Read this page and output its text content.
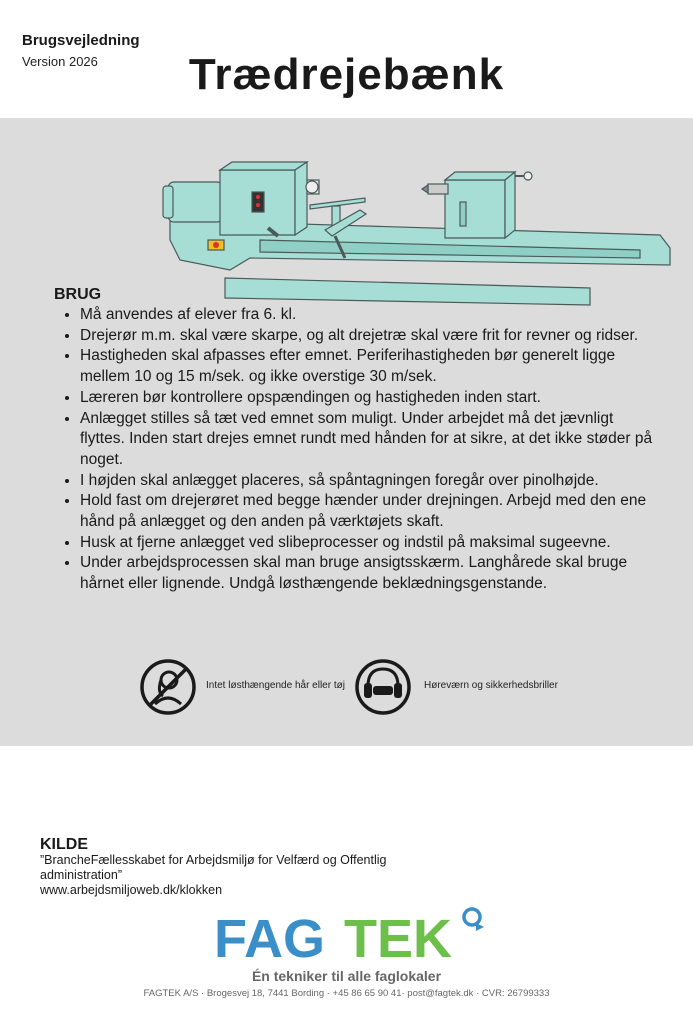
Brugsvejledning
Version 2026	Trædrejebænk
BRUG
• Må anvendes af elever fra 6. kl.
• Drejerør m.m. skal være skarpe, og alt drejetræ skal være frit for revner og ridser.
• Hastigheden skal afpasses efter emnet. Periferihastigheden bør generelt ligge mellem 10 og 15 m/sek. og ikke overstige 30 m/sek.
• Læreren bør kontrollere opspændingen og hastigheden inden start.
• Anlægget stilles så tæt ved emnet som muligt. Under arbejdet må det jævnligt flyttes. Inden start drejes emnet rundt med hånden for at sikre, at det ikke støder på noget.
• I højden skal anlægget placeres, så spåntagningen foregår over pinolhøjde.
• Hold fast om drejerøret med begge hænder under drejningen. Arbejd med den ene hånd på anlægget og den anden på værktøjets skaft.
• Husk at fjerne anlægget ved slibeprocesser og indstil på maksimal sugeevne.
• Under arbejdsprocessen skal man bruge ansigtsskærm. Langhårede skal bruge hårnet eller lignende. Undgå løsthængende beklædningsgenstande.
Intet løsthængende hår eller tøj	Høreværn og sikkerhedsbriller
KILDE
”BrancheFællesskabet for Arbejdsmiljø for Velfærd og Offentlig administration”
www.arbejdsmiljoweb.dk/klokken
FAG TEK
Én tekniker til alle faglokaler
FAGTEK A/S · Brogesvej 18, 7441 Bording · +45 86 65 90 41· post@fagtek.dk · CVR: 26799333
